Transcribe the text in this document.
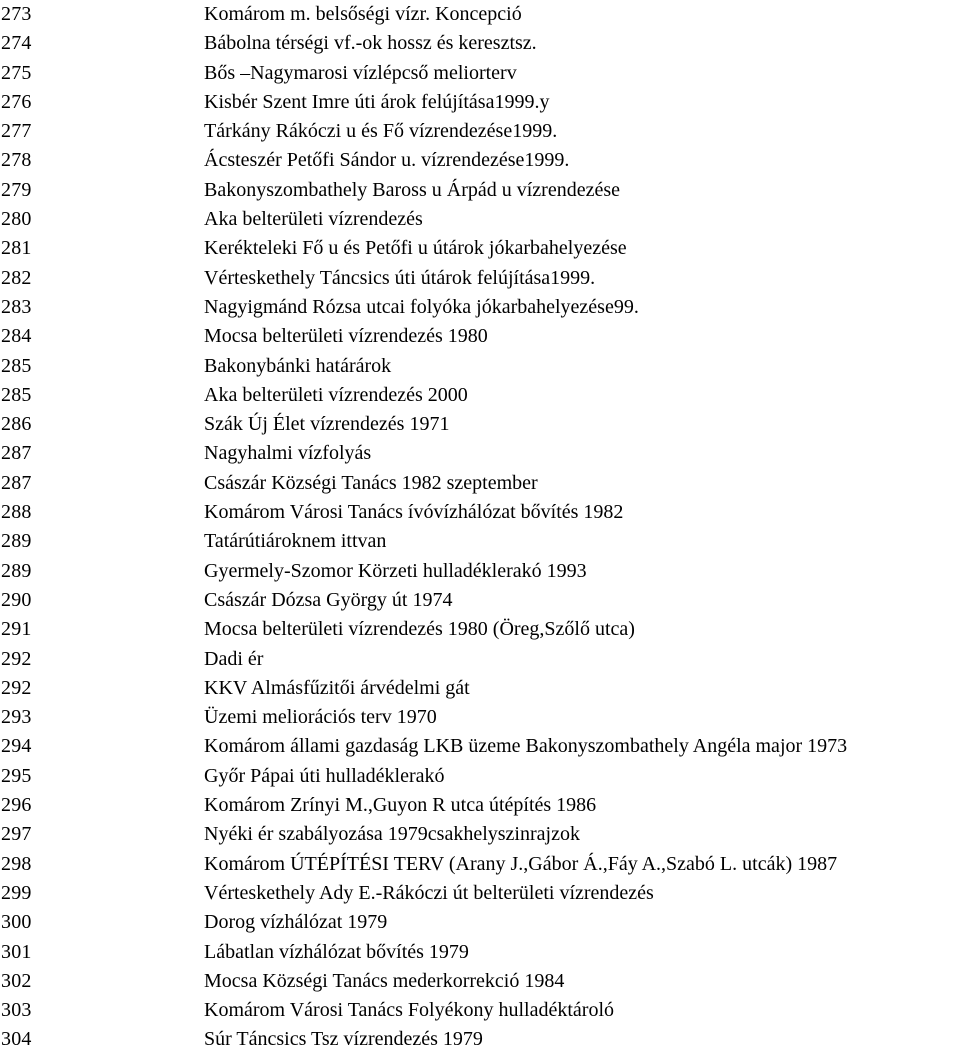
273	Komárom m. belsőségi vízr. Koncepció
274	Bábolna térségi vf.-ok hossz és keresztsz.
275	Bős –Nagymarosi vízlépcső meliorterv
276	Kisbér Szent Imre úti árok felújítása1999.y
277	Tárkány Rákóczi u és Fő vízrendezése1999.
278	Ácsteszér Petőfi Sándor u. vízrendezése1999.
279	Bakonyszombathely Baross u Árpád u vízrendezése
280	Aka belterületi vízrendezés
281	Kerékteleki Fő u és Petőfi u útárok jókarbahelyezése
282	Vérteskethely Táncsics úti útárok felújítása1999.
283	Nagyigmánd Rózsa utcai folyóka jókarbahelyezése99.
284	Mocsa belterületi vízrendezés 1980
285	Bakonybánki határárok
285	Aka belterületi vízrendezés 2000
286	Szák Új Élet vízrendezés 1971
287	Nagyhalmi vízfolyás
287	Császár Községi Tanács 1982 szeptember
288	Komárom Városi Tanács ívóvízhálózat bővítés 1982
289	Tatárútiároknem ittvan
289	Gyermely-Szomor Körzeti hulladéklerakó 1993
290	Császár Dózsa György út 1974
291	Mocsa belterületi vízrendezés 1980 (Öreg,Szőlő utca)
292	Dadi ér
292	KKV Almásfűzitői árvédelmi gát
293	Üzemi meliorációs terv 1970
294	Komárom állami gazdaság LKB üzeme Bakonyszombathely Angéla major 1973
295	Győr Pápai úti hulladéklerakó
296	Komárom Zrínyi M.,Guyon R utca útépítés 1986
297	Nyéki ér szabályozása 1979csakhelyszinrajzok
298	Komárom ÚTÉPÍTÉSI TERV (Arany J.,Gábor Á.,Fáy A.,Szabó L. utcák) 1987
299	Vérteskethely Ady E.-Rákóczi út belterületi vízrendezés
300	Dorog vízhálózat 1979
301	Lábatlan vízhálózat bővítés 1979
302	Mocsa Községi Tanács mederkorrekció 1984
303	Komárom Városi Tanács Folyékony hulladéktároló
304	Súr Táncsics Tsz vízrendezés 1979
